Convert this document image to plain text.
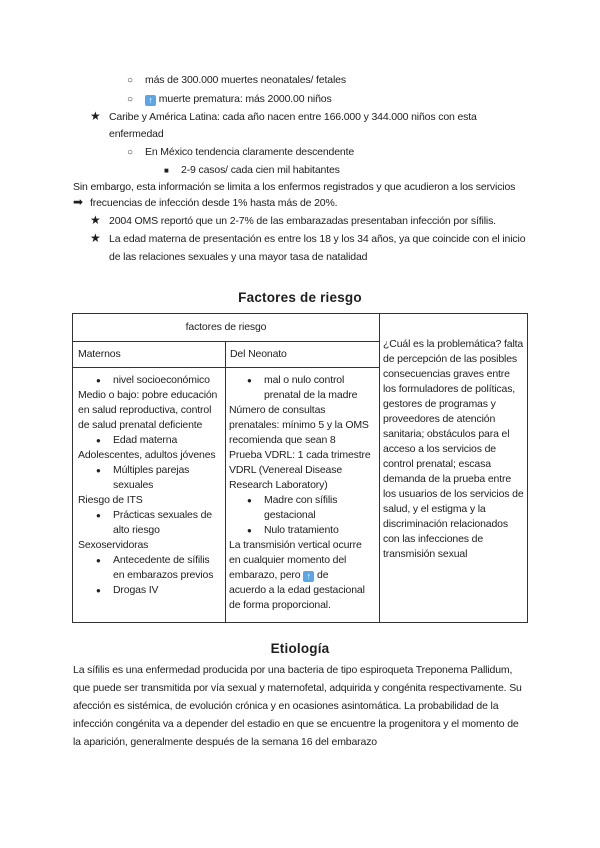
○ más de 300.000 muertes neonatales/ fetales
○	↑ muerte prematura: más 2000.00 niños
★ Caribe y América Latina: cada año nacen entre 166.000 y 344.000 niños con esta
enfermedad
○ En México tendencia claramente descendente
■ 2-9 casos/ cada cien mil habitantes
Sin embargo, esta información se limita a los enfermos registrados y que acudieron a los servicios
➡ frecuencias de infección desde 1% hasta más de 20%.
★ 2004 OMS reportó que un 2-7% de las embarazadas presentaban infección por sífilis.
★ La edad materna de presentación es entre los 18 y los 34 años, ya que coincide con el inicio
de las relaciones sexuales y una mayor tasa de natalidad
Factores de riesgo
factores de riesgo
Maternos	Del Neonato
● nivel socioeconómico
Medio o bajo: pobre educación
en salud reproductiva, control
de salud prenatal deficiente
● Edad materna
Adolescentes, adultos jóvenes
● Múltiples parejas
sexuales
Riesgo de ITS
● Prácticas sexuales de
alto riesgo
Sexoservidoras
● Antecedente de sífilis
en embarazos previos
● Drogas IV
● mal o nulo control
prenatal de la madre
Número de consultas
prenatales: mínimo 5 y la OMS
recomienda que sean 8
Prueba VDRL: 1 cada trimestre
VDRL (Venereal Disease
Research Laboratory)
● Madre con sífilis
gestacional
● Nulo tratamiento
La transmisión vertical ocurre
en cualquier momento del
embarazo, pero ↑ de
acuerdo a la edad gestacional
de forma proporcional.
¿Cuál es la problemática? falta
de percepción de las posibles
consecuencias graves entre
los formuladores de políticas,
gestores de programas y
proveedores de atención
sanitaria; obstáculos para el
acceso a los servicios de
control prenatal; escasa
demanda de la prueba entre
los usuarios de los servicios de
salud, y el estigma y la
discriminación relacionados
con las infecciones de
transmisión sexual
Etiología
La sífilis es una enfermedad producida por una bacteria de tipo espiroqueta Treponema Pallidum,
que puede ser transmitida por vía sexual y maternofetal, adquirida y congénita respectivamente. Su
afección es sistémica, de evolución crónica y en ocasiones asintomática. La probabilidad de la
infección congénita va a depender del estadio en que se encuentre la progenitora y el momento de
la aparición, generalmente después de la semana 16 del embarazo
